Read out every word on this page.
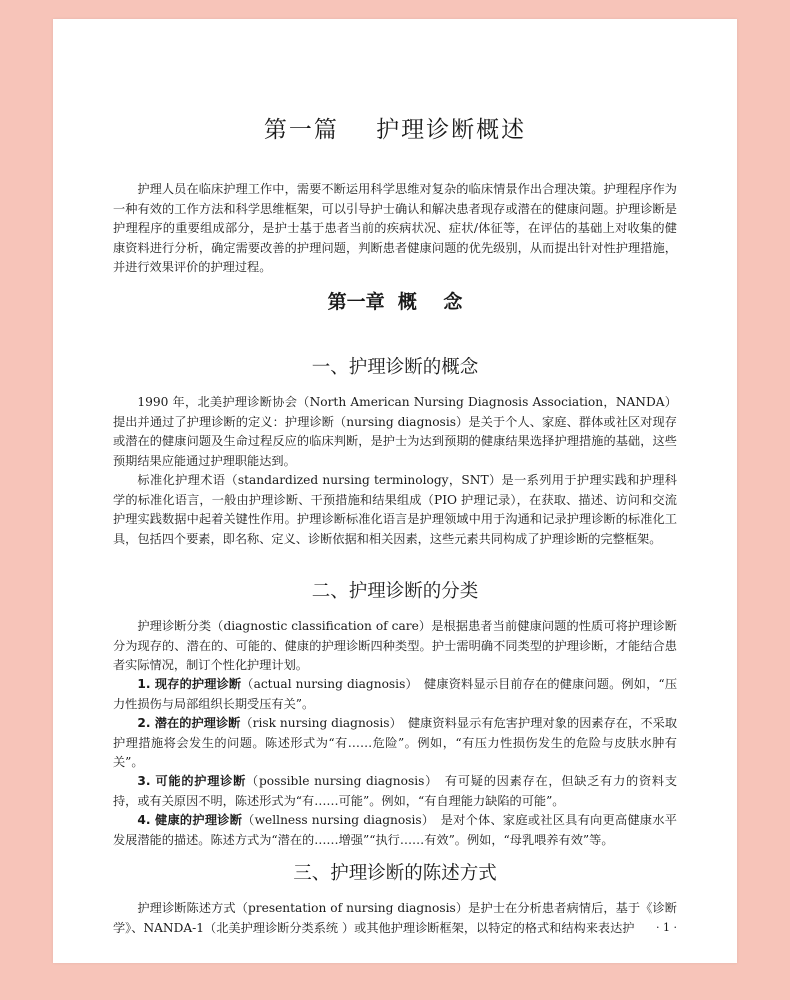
第一篇    护理诊断概述

护理人员在临床护理工作中，需要不断运用科学思维对复杂的临床情景作出合理决策。护理程序作为一种有效的工作方法和科学思维框架，可以引导护士确认和解决患者现存或潜在的健康问题。护理诊断是护理程序的重要组成部分，是护士基于患者当前的疾病状况、症状/体征等，在评估的基础上对收集的健康资料进行分析，确定需要改善的护理问题，判断患者健康问题的优先级别，从而提出针对性护理措施，并进行效果评价的护理过程。

第一章  概    念
一、护理诊断的概念

1990 年，北美护理诊断协会（North American Nursing Diagnosis Association，NANDA）提出并通过了护理诊断的定义：护理诊断（nursing diagnosis）是关于个人、家庭、群体或社区对现存或潜在的健康问题及生命过程反应的临床判断，是护士为达到预期的健康结果选择护理措施的基础，这些预期结果应能通过护理职能达到。

标准化护理术语（standardized nursing terminology，SNT）是一系列用于护理实践和护理科学的标准化语言，一般由护理诊断、干预措施和结果组成（PIO 护理记录），在获取、描述、访问和交流护理实践数据中起着关键性作用。护理诊断标准化语言是护理领域中用于沟通和记录护理诊断的标准化工具，包括四个要素，即名称、定义、诊断依据和相关因素，这些元素共同构成了护理诊断的完整框架。

二、护理诊断的分类

护理诊断分类（diagnostic classification of care）是根据患者当前健康问题的性质可将护理诊断分为现存的、潜在的、可能的、健康的护理诊断四种类型。护士需明确不同类型的护理诊断，才能结合患者实际情况，制订个性化护理计划。

1. 现存的护理诊断（actual nursing diagnosis）　健康资料显示目前存在的健康问题。例如，“压力性损伤与局部组织长期受压有关”。

2. 潜在的护理诊断（risk nursing diagnosis）　健康资料显示有危害护理对象的因素存在，不采取护理措施将会发生的问题。陈述形式为“有……危险”。例如，“有压力性损伤发生的危险与皮肤水肿有关”。

3. 可能的护理诊断（possible nursing diagnosis）　有可疑的因素存在，但缺乏有力的资料支持，或有关原因不明，陈述形式为“有……可能”。例如，“有自理能力缺陷的可能”。

4. 健康的护理诊断（wellness nursing diagnosis）　是对个体、家庭或社区具有向更高健康水平发展潜能的描述。陈述方式为“潜在的……增强”“执行……有效”。例如，“母乳喂养有效”等。

三、护理诊断的陈述方式

护理诊断陈述方式（presentation of nursing diagnosis）是护士在分析患者病情后，基于《诊断学》、NANDA-1（北美护理诊断分类系统 ）或其他护理诊断框架，以特定的格式和结构来表达护	· 1 ·
